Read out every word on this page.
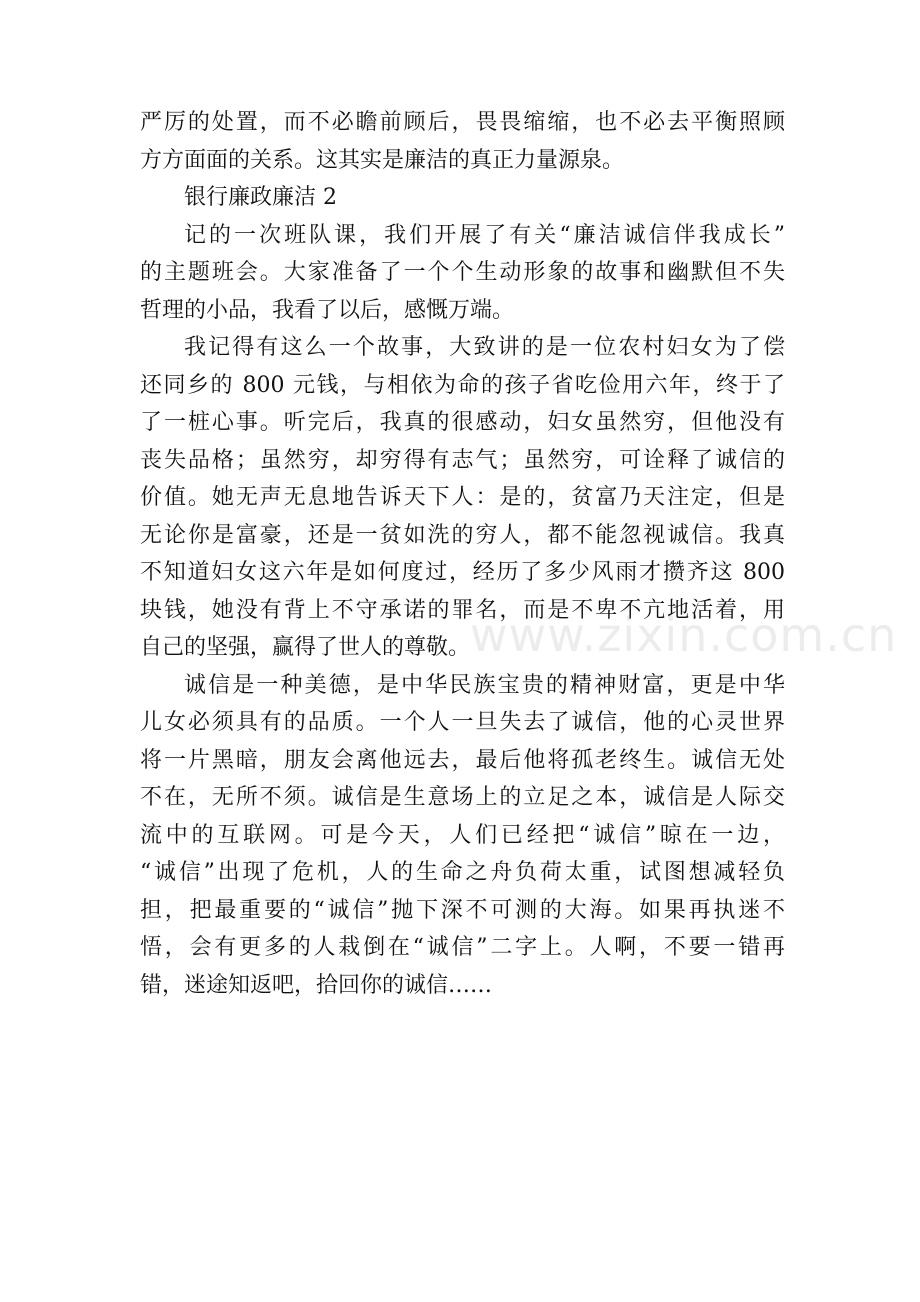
严厉的处置，而不必瞻前顾后，畏畏缩缩，也不必去平衡照顾
方方面面的关系。这其实是廉洁的真正力量源泉。
银行廉政廉洁 2
记的一次班队课，我们开展了有关“廉洁诚信伴我成长”
的主题班会。大家准备了一个个生动形象的故事和幽默但不失
哲理的小品，我看了以后，感慨万端。
我记得有这么一个故事，大致讲的是一位农村妇女为了偿
还同乡的 800 元钱，与相依为命的孩子省吃俭用六年，终于了
了一桩心事。听完后，我真的很感动，妇女虽然穷，但他没有
丧失品格；虽然穷，却穷得有志气；虽然穷，可诠释了诚信的
价值。她无声无息地告诉天下人：是的，贫富乃天注定，但是
无论你是富豪，还是一贫如洗的穷人，都不能忽视诚信。我真
不知道妇女这六年是如何度过，经历了多少风雨才攒齐这 800
块钱，她没有背上不守承诺的罪名，而是不卑不亢地活着，用
自己的坚强，赢得了世人的尊敬。
诚信是一种美德，是中华民族宝贵的精神财富，更是中华
儿女必须具有的品质。一个人一旦失去了诚信，他的心灵世界
将一片黑暗，朋友会离他远去，最后他将孤老终生。诚信无处
不在，无所不须。诚信是生意场上的立足之本，诚信是人际交
流中的互联网。可是今天，人们已经把“诚信”晾在一边，
“诚信”出现了危机，人的生命之舟负荷太重，试图想减轻负
担，把最重要的“诚信”抛下深不可测的大海。如果再执迷不
悟，会有更多的人栽倒在“诚信”二字上。人啊，不要一错再
错，迷途知返吧，拾回你的诚信……
www.zixin.com.cn
